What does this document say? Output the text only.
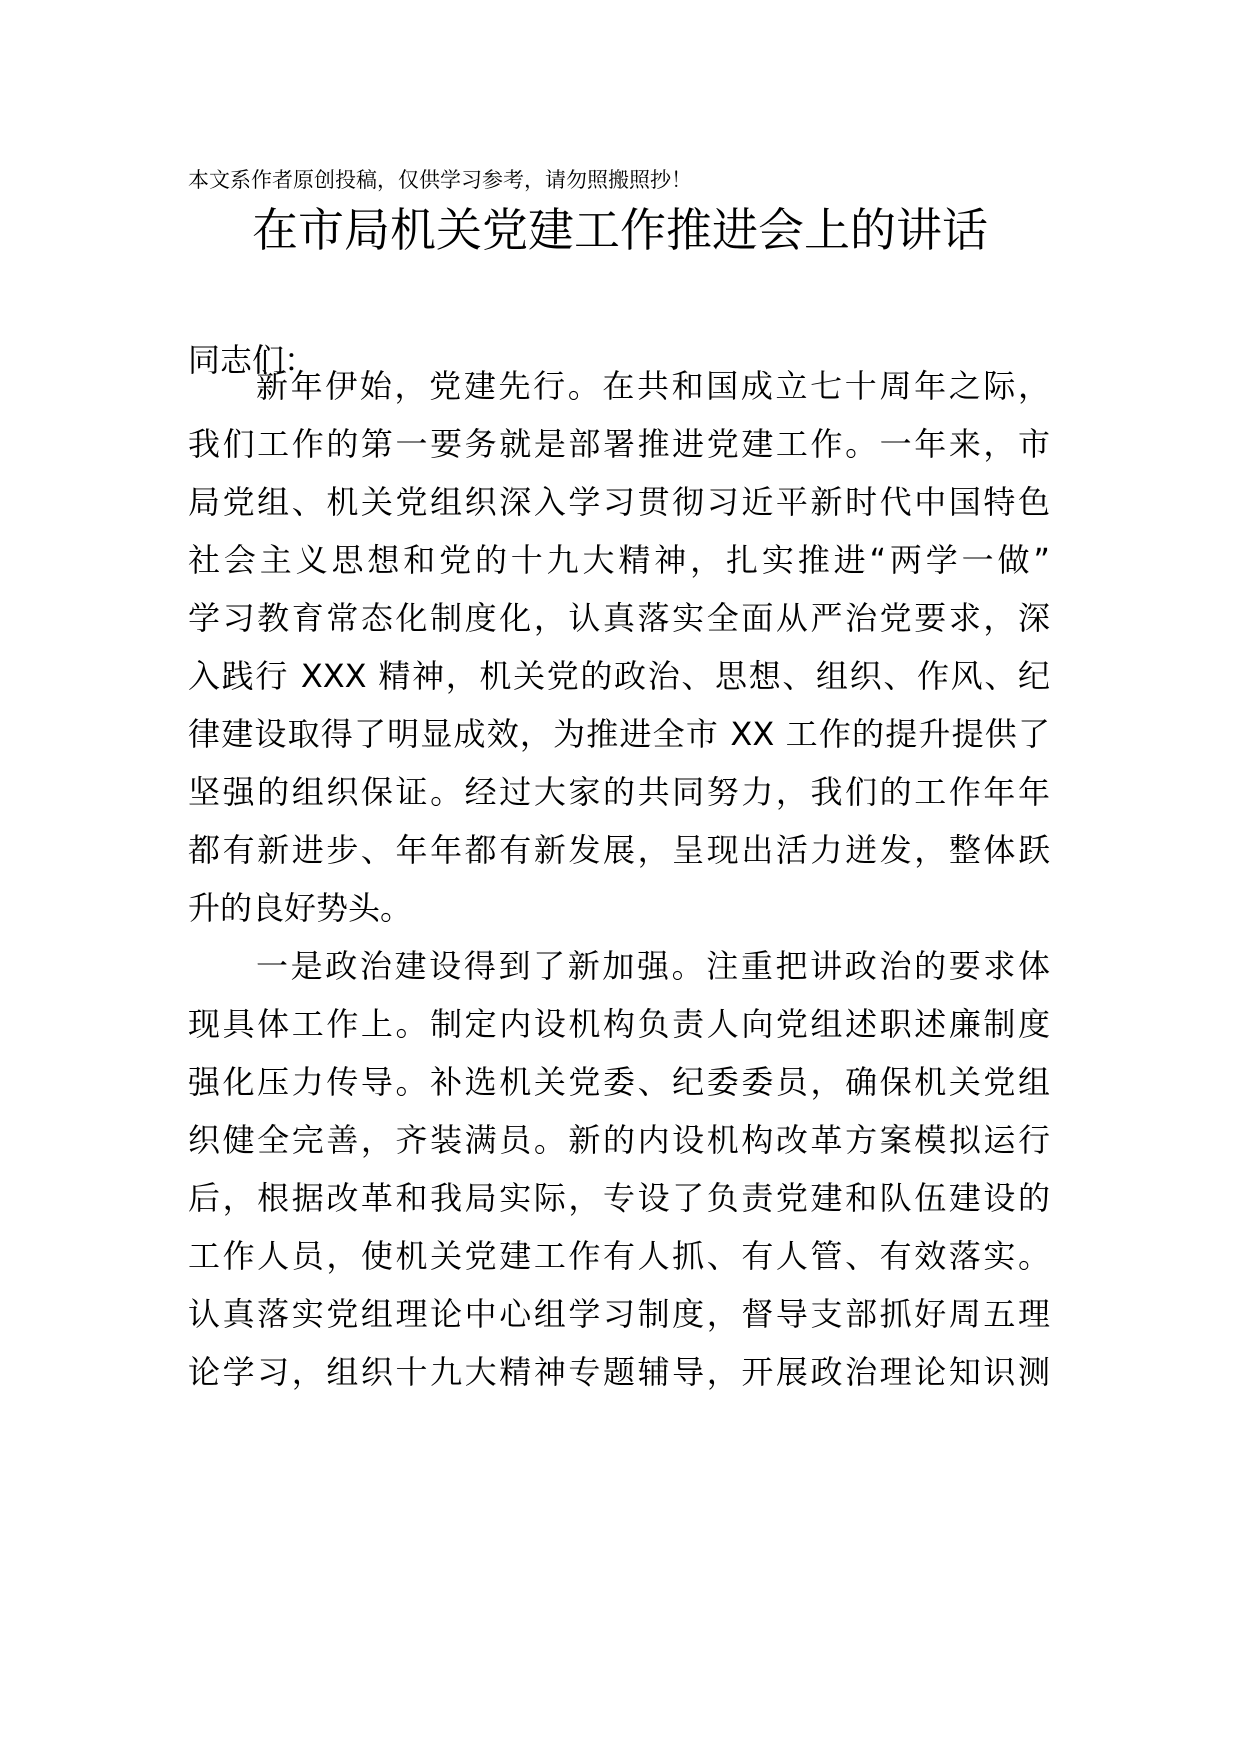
本文系作者原创投稿，仅供学习参考，请勿照搬照抄！
在市局机关党建工作推进会上的讲话
同志们：
新年伊始，党建先行。在共和国成立七十周年之际，
我们工作的第一要务就是部署推进党建工作。一年来，市
局党组、机关党组织深入学习贯彻习近平新时代中国特色
社会主义思想和党的十九大精神，扎实推进“两学一做”
学习教育常态化制度化，认真落实全面从严治党要求，深
入践行 XXX 精神，机关党的政治、思想、组织、作风、纪
律建设取得了明显成效，为推进全市 XX 工作的提升提供了
坚强的组织保证。经过大家的共同努力，我们的工作年年
都有新进步、年年都有新发展，呈现出活力迸发，整体跃
升的良好势头。
一是政治建设得到了新加强。注重把讲政治的要求体
现具体工作上。制定内设机构负责人向党组述职述廉制度
强化压力传导。补选机关党委、纪委委员，确保机关党组
织健全完善，齐装满员。新的内设机构改革方案模拟运行
后，根据改革和我局实际，专设了负责党建和队伍建设的
工作人员，使机关党建工作有人抓、有人管、有效落实。
认真落实党组理论中心组学习制度，督导支部抓好周五理
论学习，组织十九大精神专题辅导，开展政治理论知识测
